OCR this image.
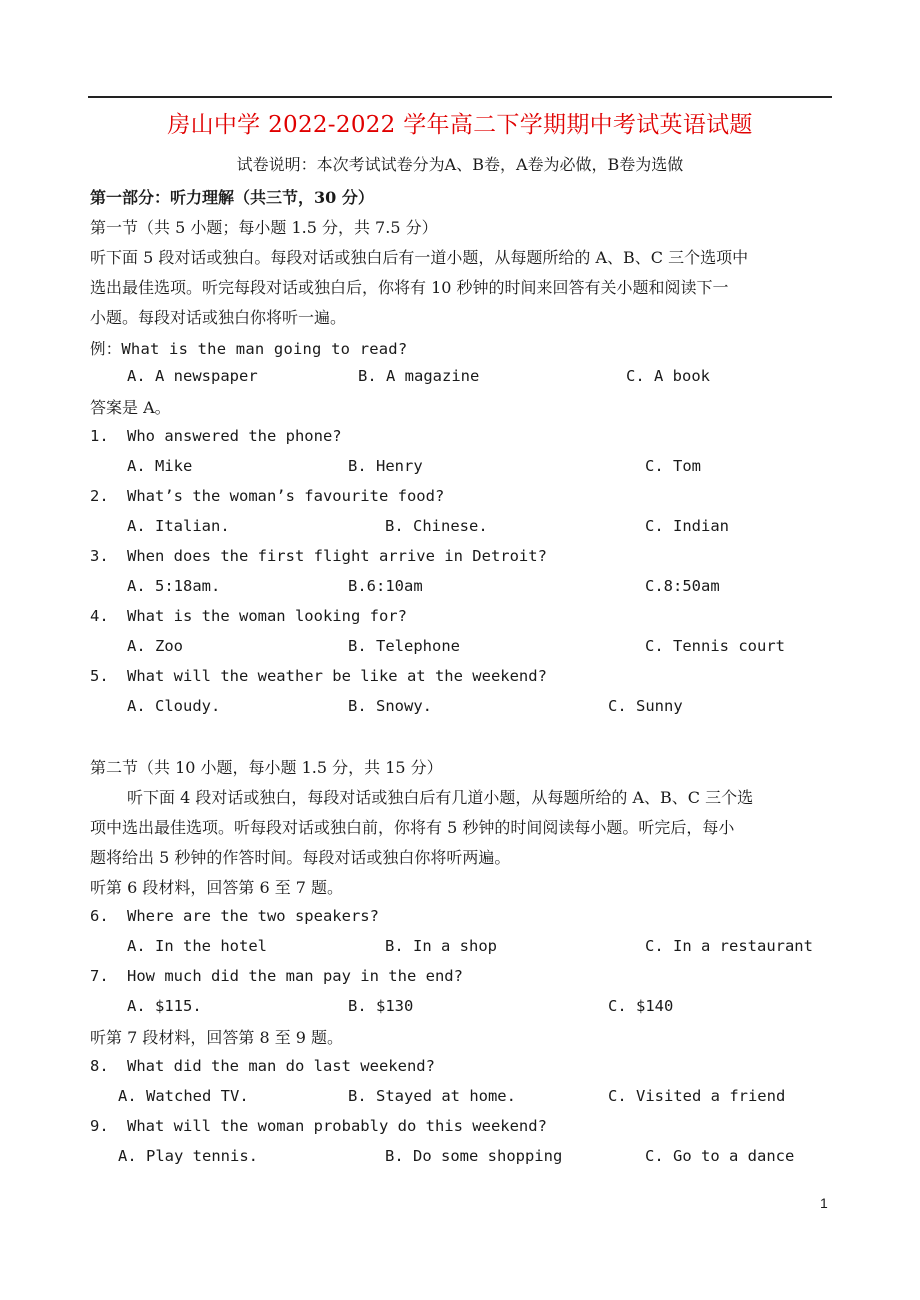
房山中学 2022-2022 学年高二下学期期中考试英语试题
试卷说明：本次考试试卷分为A、B卷，A卷为必做，B卷为选做
第一部分：听力理解（共三节，30 分）
第一节（共 5 小题；每小题 1.5 分，共 7.5 分）
听下面 5 段对话或独白。每段对话或独白后有一道小题，从每题所给的 A、B、C 三个选项中
选出最佳选项。听完每段对话或独白后，你将有 10 秒钟的时间来回答有关小题和阅读下一
小题。每段对话或独白你将听一遍。
例：What is the man going to read?
A. A newspaper	B. A magazine	C. A book
答案是 A。
1. Who answered the phone?
A. Mike	B. Henry	C. Tom
2. What’s the woman’s favourite food?
A. Italian.	B. Chinese.	C. Indian
3. When does the first flight arrive in Detroit?
A. 5:18am.	B.6:10am	C.8:50am
4. What is the woman looking for?
A. Zoo	B. Telephone	C. Tennis court
5. What will the weather be like at the weekend?
A. Cloudy.	B. Snowy.	C. Sunny
第二节（共 10 小题，每小题 1.5 分，共 15 分）
听下面 4 段对话或独白，每段对话或独白后有几道小题，从每题所给的 A、B、C 三个选
项中选出最佳选项。听每段对话或独白前，你将有 5 秒钟的时间阅读每小题。听完后，每小
题将给出 5 秒钟的作答时间。每段对话或独白你将听两遍。
听第 6 段材料，回答第 6 至 7 题。
6. Where are the two speakers?
A. In the hotel	B. In a shop	C. In a restaurant
7. How much did the man pay in the end?
A. $115.	B. $130	C. $140
听第 7 段材料，回答第 8 至 9 题。
8. What did the man do last weekend?
A. Watched TV.	B. Stayed at home.	C. Visited a friend
9. What will the woman probably do this weekend?
A. Play tennis.	B. Do some shopping	C. Go to a dance
1
